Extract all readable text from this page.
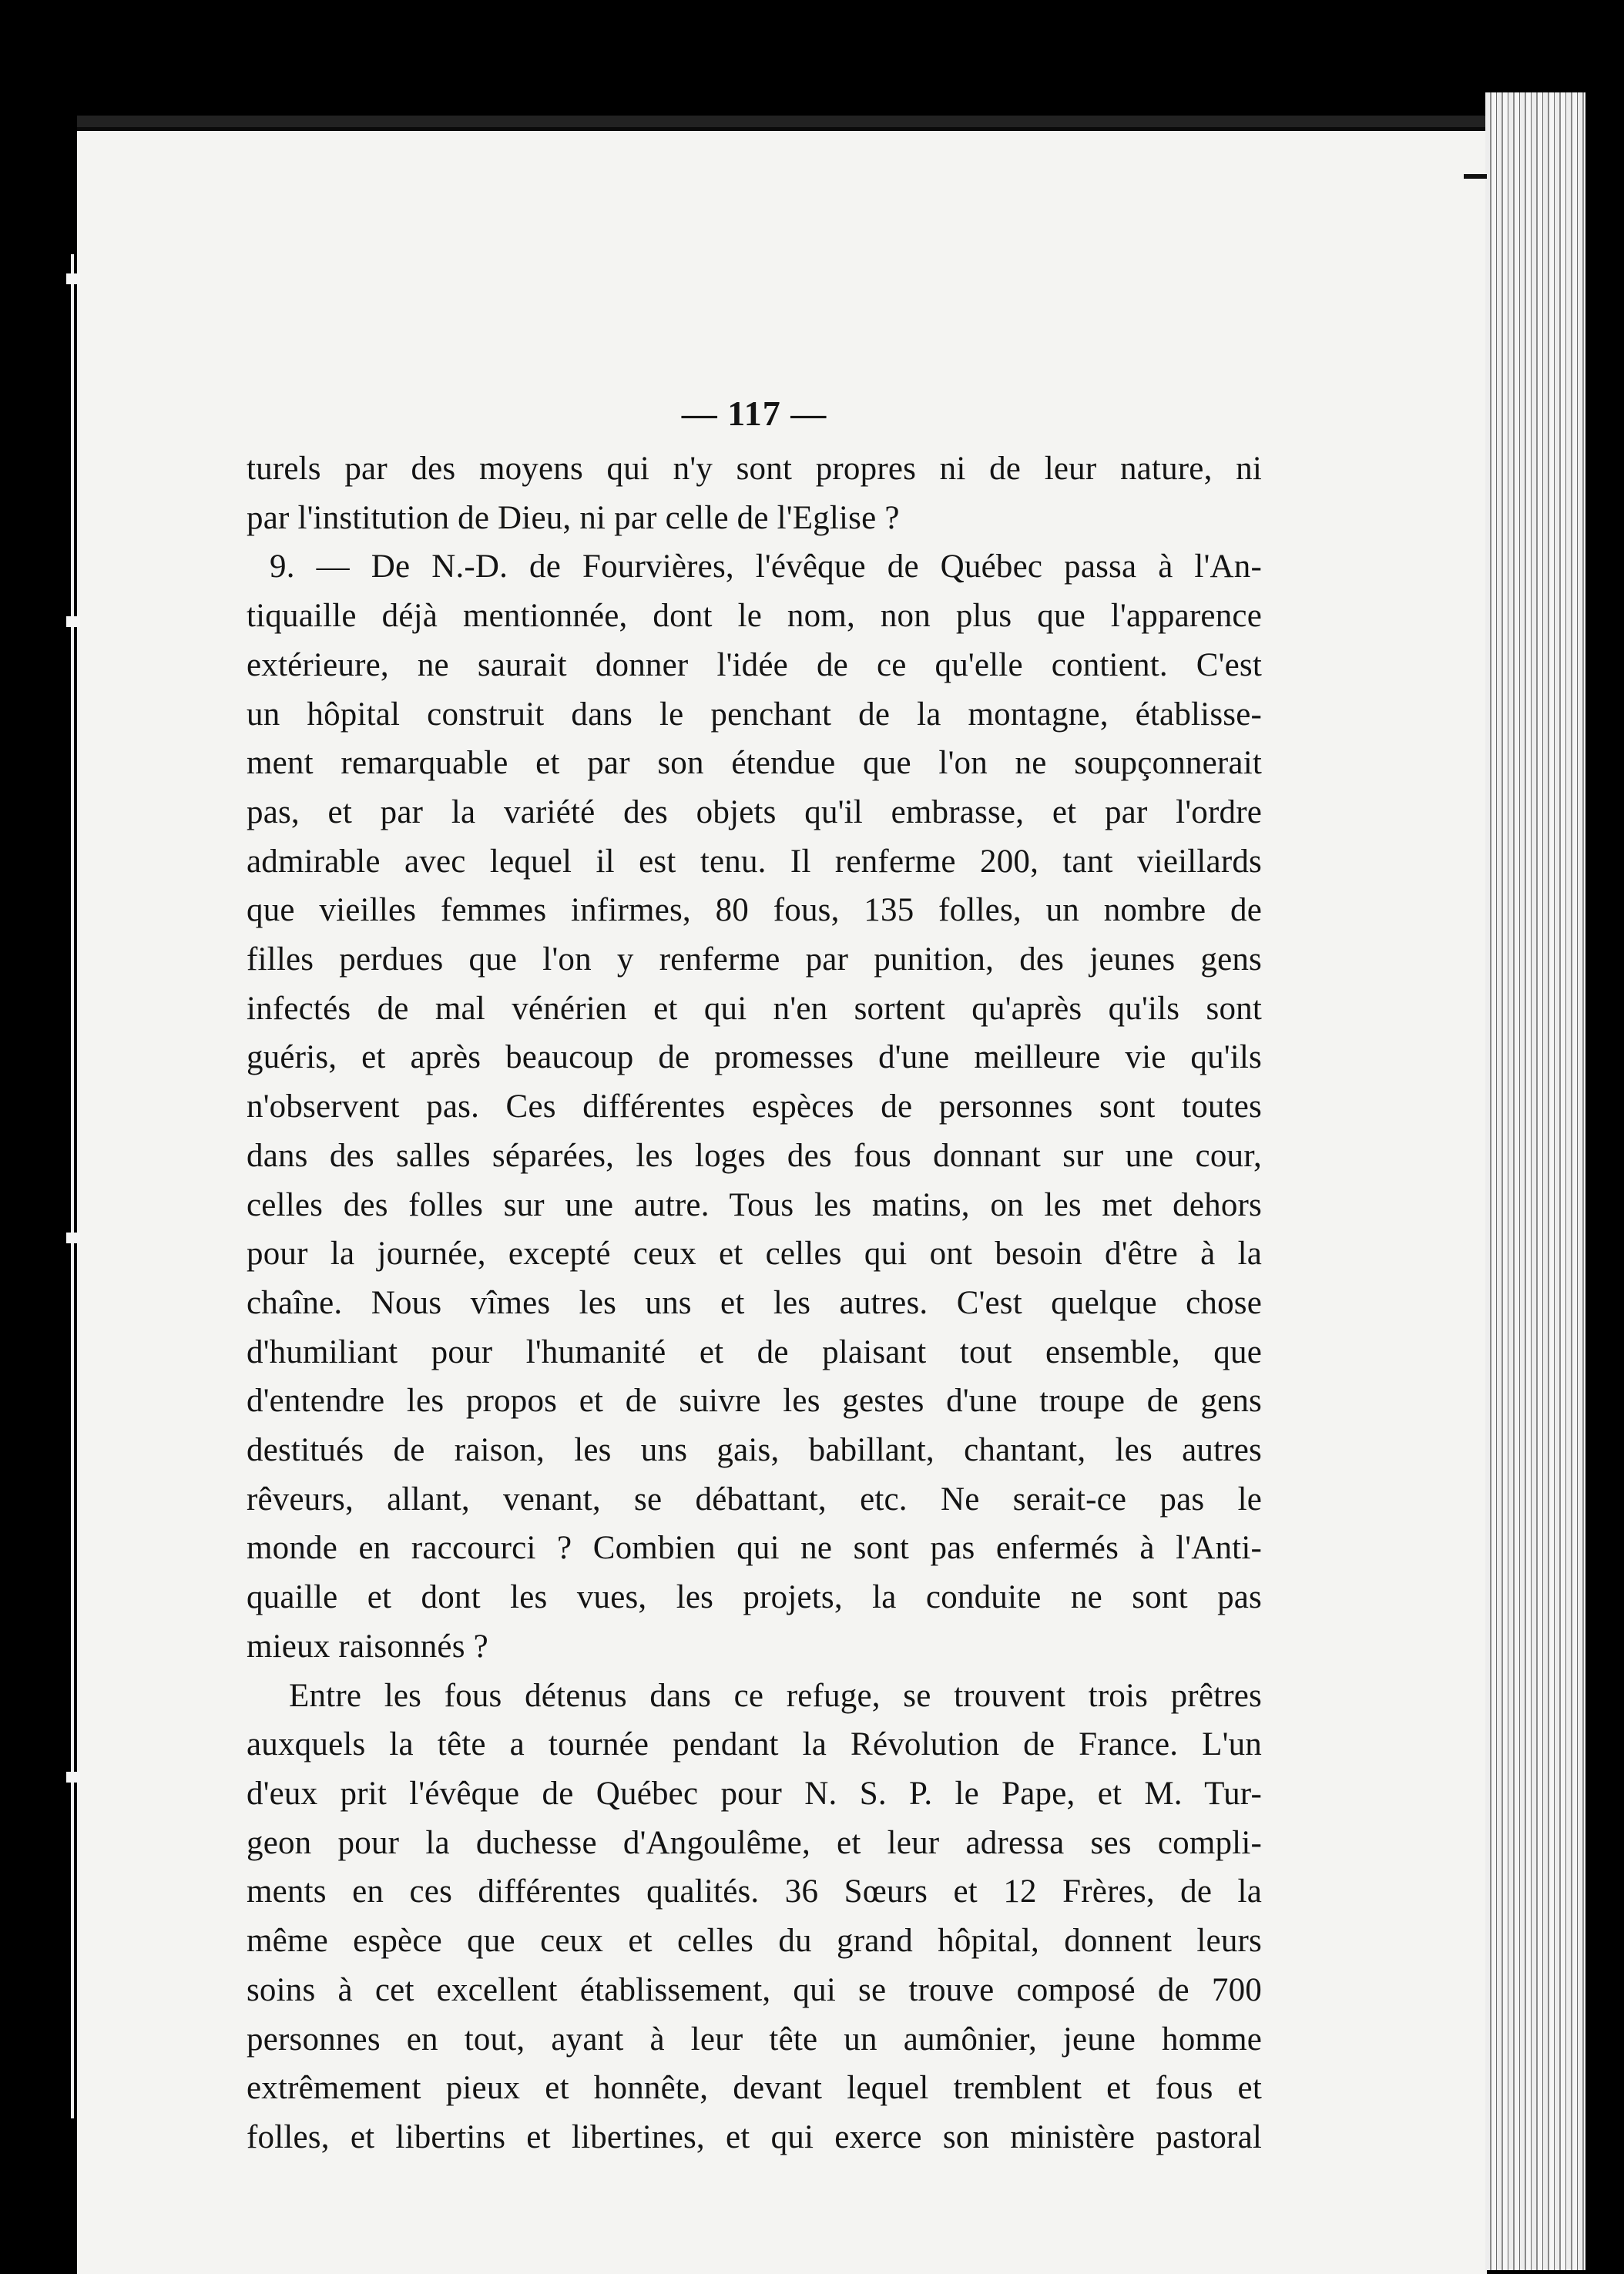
— 117 —
turels par des moyens qui n'y sont propres ni de leur nature, ni
par l'institution de Dieu, ni par celle de l'Eglise ?
9. — De N.-D. de Fourvières, l'évêque de Québec passa à l'An-
tiquaille déjà mentionnée, dont le nom, non plus que l'apparence
extérieure, ne saurait donner l'idée de ce qu'elle contient. C'est
un hôpital construit dans le penchant de la montagne, établisse-
ment remarquable et par son étendue que l'on ne soupçonnerait
pas, et par la variété des objets qu'il embrasse, et par l'ordre
admirable avec lequel il est tenu. Il renferme 200, tant vieillards
que vieilles femmes infirmes, 80 fous, 135 folles, un nombre de
filles perdues que l'on y renferme par punition, des jeunes gens
infectés de mal vénérien et qui n'en sortent qu'après qu'ils sont
guéris, et après beaucoup de promesses d'une meilleure vie qu'ils
n'observent pas. Ces différentes espèces de personnes sont toutes
dans des salles séparées, les loges des fous donnant sur une cour,
celles des folles sur une autre. Tous les matins, on les met dehors
pour la journée, excepté ceux et celles qui ont besoin d'être à la
chaîne. Nous vîmes les uns et les autres. C'est quelque chose
d'humiliant pour l'humanité et de plaisant tout ensemble, que
d'entendre les propos et de suivre les gestes d'une troupe de gens
destitués de raison, les uns gais, babillant, chantant, les autres
rêveurs, allant, venant, se débattant, etc. Ne serait-ce pas le
monde en raccourci ? Combien qui ne sont pas enfermés à l'Anti-
quaille et dont les vues, les projets, la conduite ne sont pas
mieux raisonnés ?
Entre les fous détenus dans ce refuge, se trouvent trois prêtres
auxquels la tête a tournée pendant la Révolution de France. L'un
d'eux prit l'évêque de Québec pour N. S. P. le Pape, et M. Tur-
geon pour la duchesse d'Angoulême, et leur adressa ses compli-
ments en ces différentes qualités. 36 Sœurs et 12 Frères, de la
même espèce que ceux et celles du grand hôpital, donnent leurs
soins à cet excellent établissement, qui se trouve composé de 700
personnes en tout, ayant à leur tête un aumônier, jeune homme
extrêmement pieux et honnête, devant lequel tremblent et fous et
folles, et libertins et libertines, et qui exerce son ministère pastoral
